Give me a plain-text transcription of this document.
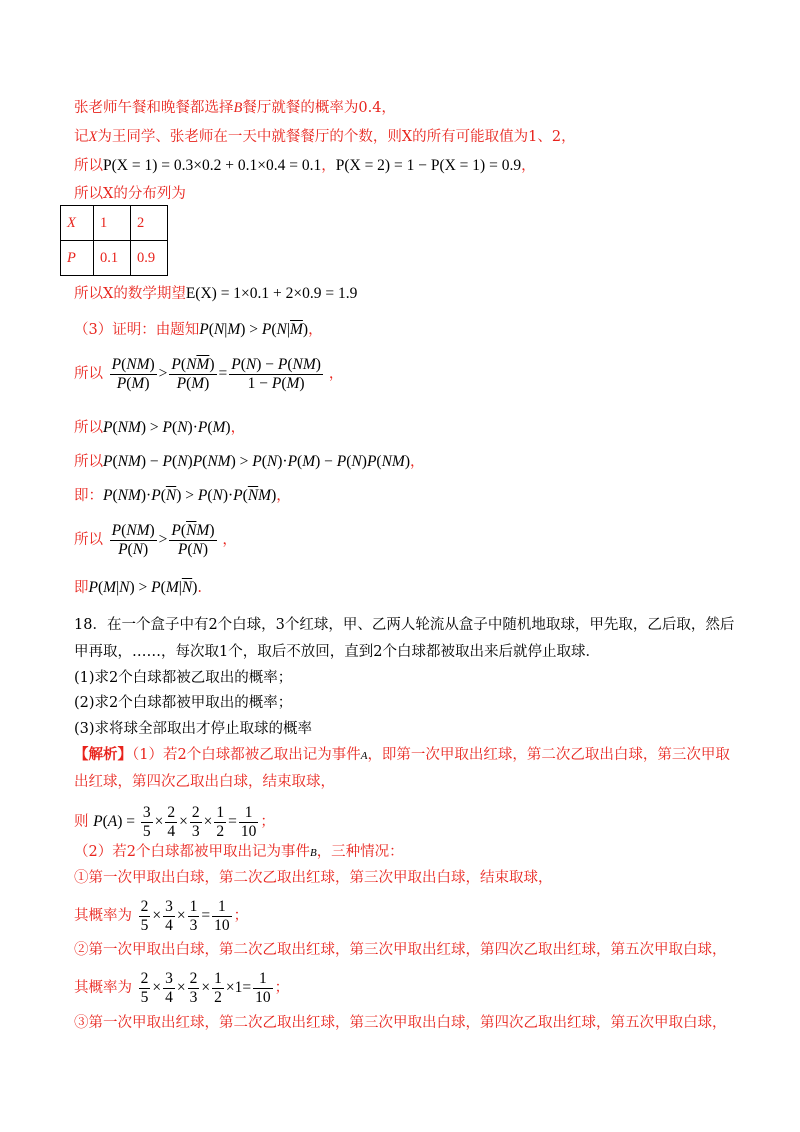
张老师午餐和晚餐都选择B餐厅就餐的概率为0.4，
记X为王同学、张老师在一天中就餐餐厅的个数，则X的所有可能取值为1、2，
所以P(X = 1) = 0.3×0.2 + 0.1×0.4 = 0.1，P(X = 2) = 1 − P(X = 1) = 0.9，
所以X的分布列为
X	1	2
P	0.1	0.9
所以X的数学期望E(X) = 1×0.1 + 2×0.9 = 1.9
（3）证明：由题知$P(N|M) > P(N|\overline{M})$，
所以 $\frac{P(NM)}{P(M)} > \frac{P(N\overline{M})}{P(\overline{M})} = \frac{P(N) - P(NM)}{1 - P(M)}$ ，
所以P(NM) > P(N)·P(M)，
所以P(NM) − P(N)P(NM) > P(N)·P(M) − P(N)P(NM)，
即：$P(NM)\cdot P(\overline{N}) > P(N)\cdot P(\overline{N}M)$，
所以 $\frac{P(NM)}{P(N)} > \frac{P(\overline{N}M)}{P(\overline{N})}$ ，
即$P(M|N) > P(M|\overline{N})$.
18．在一个盒子中有2个白球，3个红球，甲、乙两人轮流从盒子中随机地取球，甲先取，乙后取，然后
甲再取，……，每次取1个，取后不放回，直到2个白球都被取出来后就停止取球．
(1)求2个白球都被乙取出的概率；
(2)求2个白球都被甲取出的概率；
(3)求将球全部取出才停止取球的概率
【解析】（1）若2个白球都被乙取出记为事件A，即第一次甲取出红球，第二次乙取出白球，第三次甲取
出红球，第四次乙取出白球，结束取球，
则 $P(A) = \frac{3}{5} \times \frac{2}{4} \times \frac{2}{3} \times \frac{1}{2} = \frac{1}{10}$ ；
（2）若2个白球都被甲取出记为事件B，三种情况：
①第一次甲取出白球，第二次乙取出红球，第三次甲取出白球，结束取球，
其概率为 $\frac{2}{5} \times \frac{3}{4} \times \frac{1}{3} = \frac{1}{10}$ ；
②第一次甲取出白球，第二次乙取出红球，第三次甲取出红球，第四次乙取出红球，第五次甲取白球，
其概率为 $\frac{2}{5} \times \frac{3}{4} \times \frac{2}{3} \times \frac{1}{2} \times 1= \frac{1}{10}$ ；
③第一次甲取出红球，第二次乙取出红球，第三次甲取出白球，第四次乙取出红球，第五次甲取白球，
